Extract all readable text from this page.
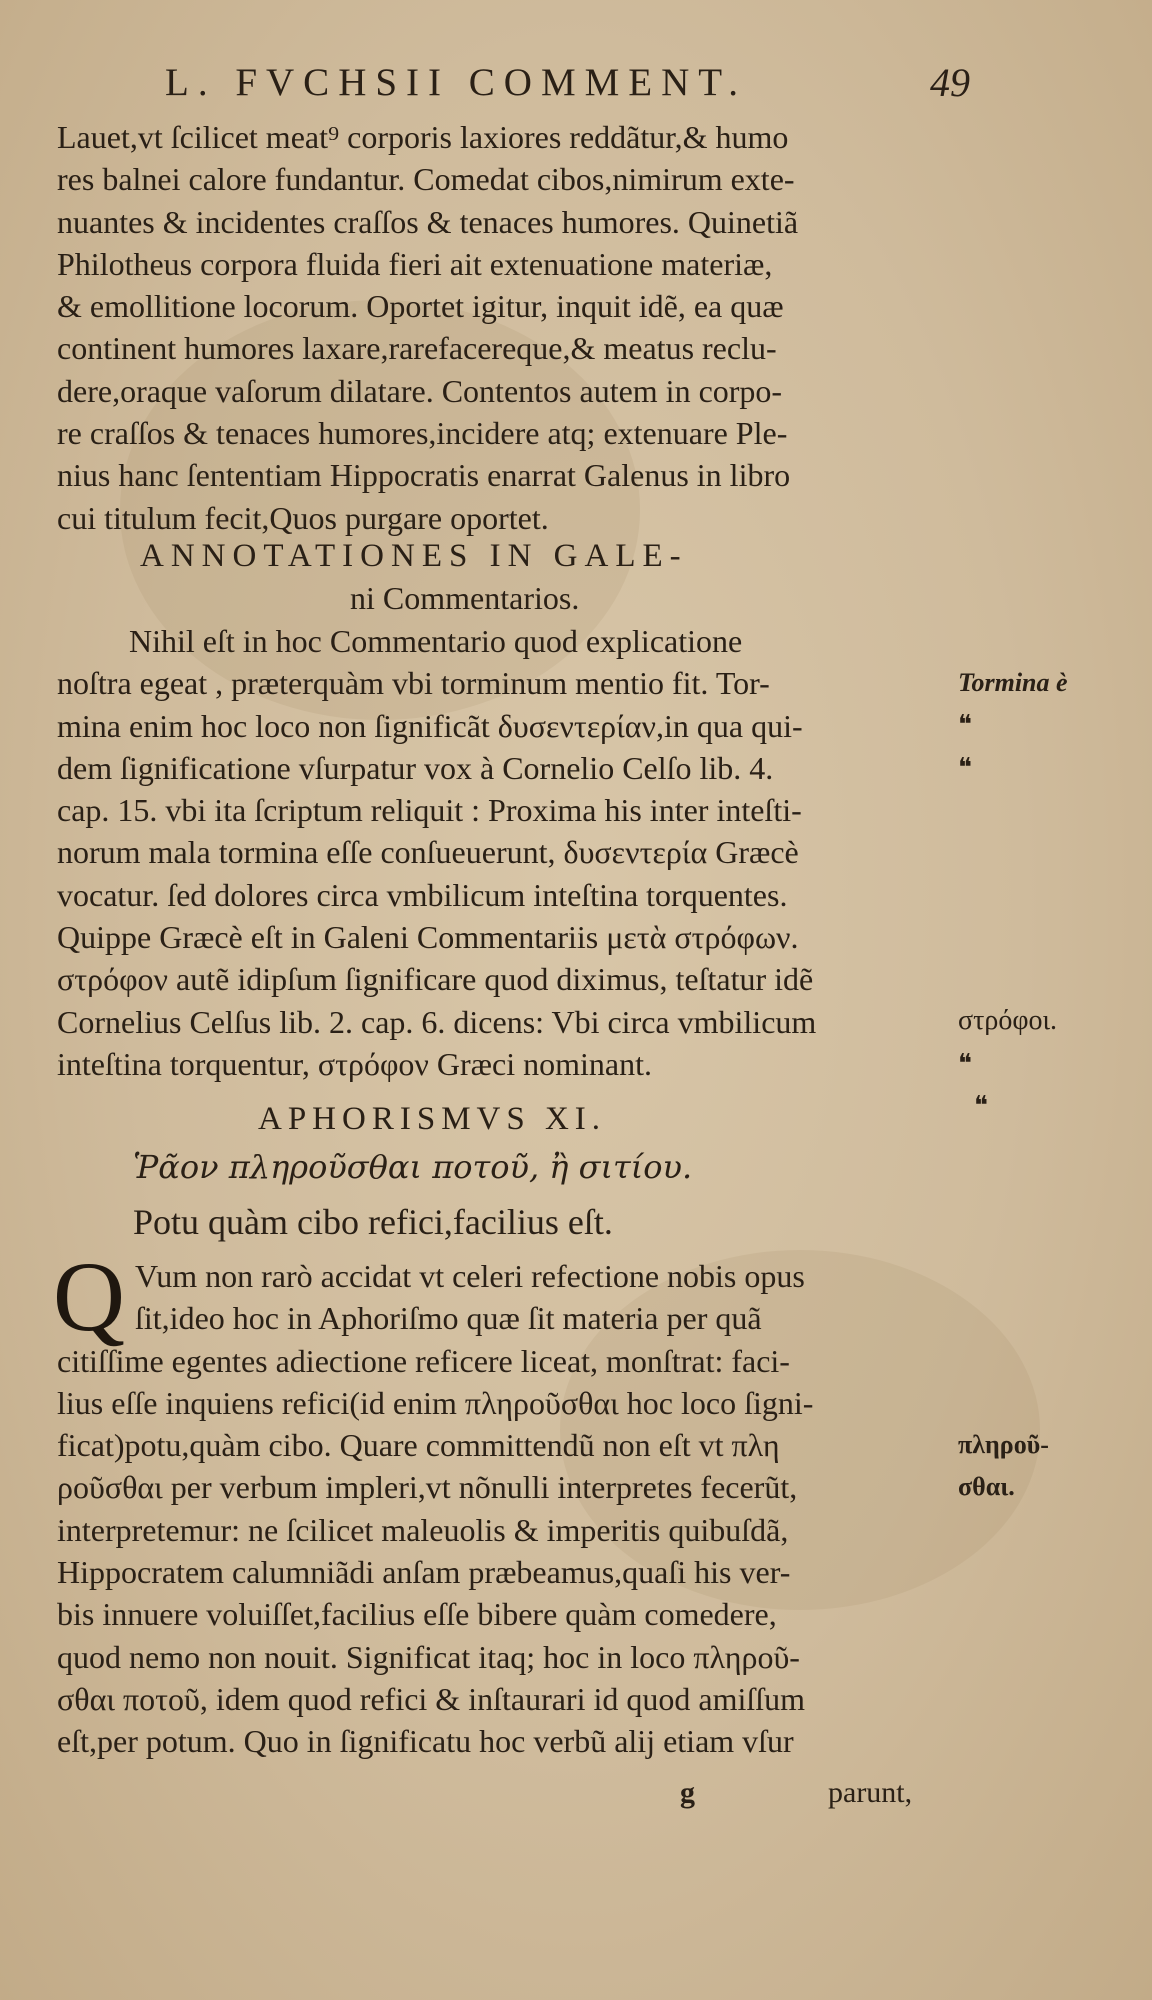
L. FVCHSII COMMENT.	49
Lauet,vt ſcilicet meat⁹ corporis laxiores reddãtur,& humo
res balnei calore fundantur. Comedat cibos,nimirum exte-
nuantes & incidentes craſſos & tenaces humores. Quinetiã
Philotheus corpora fluida fieri ait extenuatione materiæ,
& emollitione locorum. Oportet igitur, inquit idẽ, ea quæ
continent humores laxare,rarefacereque,& meatus reclu-
dere,oraque vaſorum dilatare. Contentos autem in corpo-
re craſſos & tenaces humores,incidere atq; extenuare Ple-
nius hanc ſententiam Hippocratis enarrat Galenus in libro
cui titulum fecit,Quos purgare oportet.
ANNOTATIONES IN GALE-
ni Commentarios.
Nihil eſt in hoc Commentario quod explicatione
noſtra egeat , præterquàm vbi torminum mentio fit. Tor-
mina enim hoc loco non ſignificãt δυσεντερίαν,in qua qui-
dem ſignificatione vſurpatur vox à Cornelio Celſo lib. 4.
cap. 15. vbi ita ſcriptum reliquit : Proxima his inter inteſti-
norum mala tormina eſſe conſueuerunt, δυσεντερία Græcè
vocatur. ſed dolores circa vmbilicum inteſtina torquentes.
Quippe Græcè eſt in Galeni Commentariis μετὰ στρόφων.
στρόφον autẽ idipſum ſignificare quod diximus, teſtatur idẽ
Cornelius Celſus lib. 2. cap. 6. dicens: Vbi circa vmbilicum
inteſtina torquentur, στρόφον Græci nominant.
Tormina è
❝
❝
στρόφοι.
❝
❝
APHORISMVS XI.
Ῥᾶον πληροῦσθαι ποτοῦ, ἢ σιτίου.
Potu quàm cibo refici,facilius eſt.
Q Vum non rarò accidat vt celeri refectione nobis opus
ſit,ideo hoc in Aphoriſmo quæ ſit materia per quã
citiſſime egentes adiectione reficere liceat, monſtrat: faci-
lius eſſe inquiens refici(id enim πληροῦσθαι hoc loco ſigni-
ficat)potu,quàm cibo. Quare committendũ non eſt vt πλη
ροῦσθαι per verbum impleri,vt nõnulli interpretes fecerũt,
interpretemur: ne ſcilicet maleuolis & imperitis quibuſdã,
Hippocratem calumniãdi anſam præbeamus,quaſi his ver-
bis innuere voluiſſet,facilius eſſe bibere quàm comedere,
quod nemo non nouit. Significat itaq; hoc in loco πληροῦ-
σθαι ποτοῦ, idem quod refici & inſtaurari id quod amiſſum
eſt,per potum. Quo in ſignificatu hoc verbũ alij etiam vſur
πληροῦ-
σθαι.
g	parunt,
